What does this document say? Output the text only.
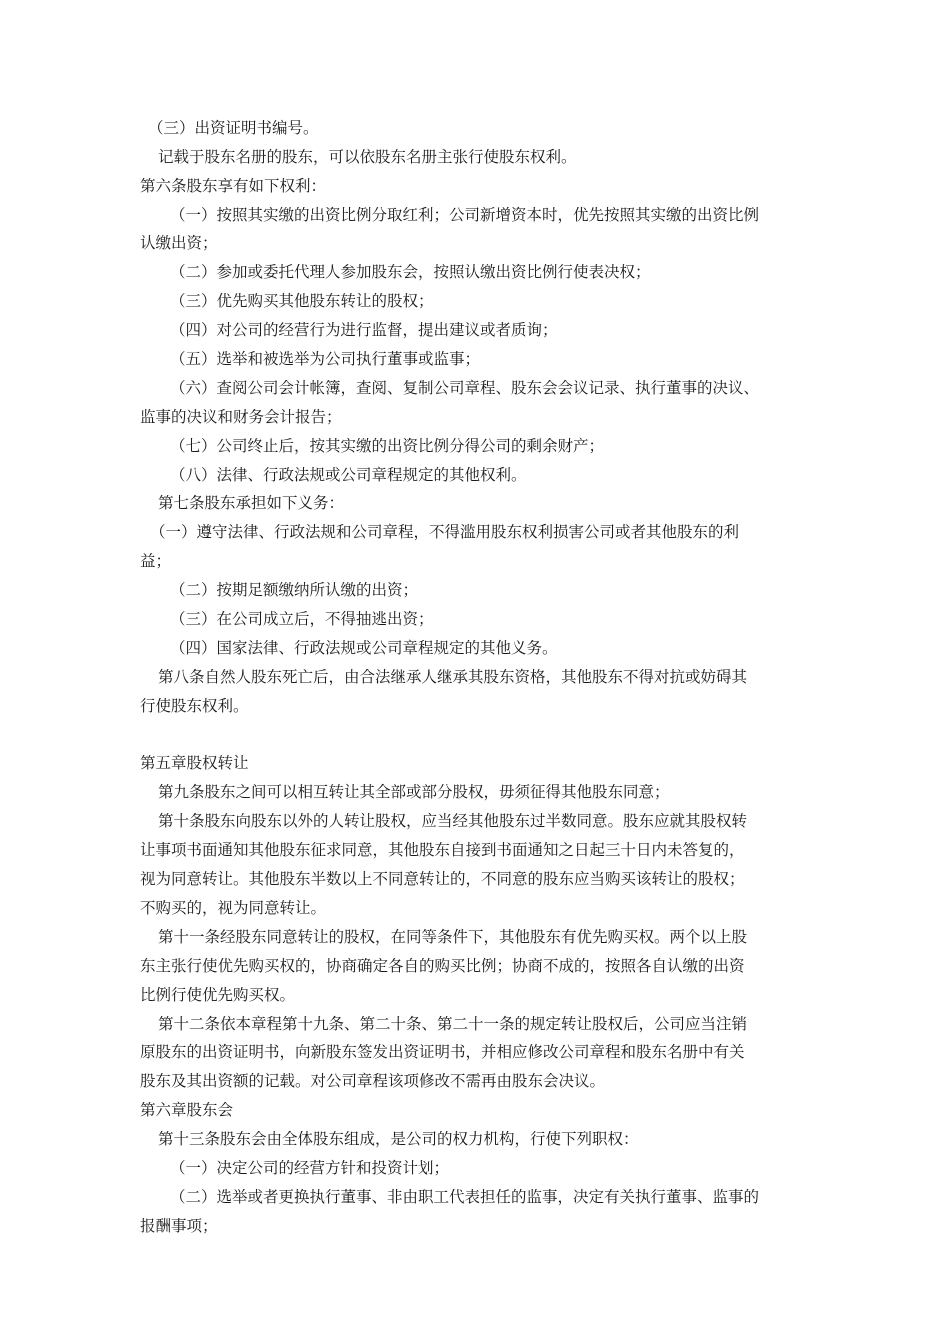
（三）出资证明书编号。
记载于股东名册的股东，可以依股东名册主张行使股东权利。
第六条股东享有如下权利：
（一）按照其实缴的出资比例分取红利；公司新增资本时，优先按照其实缴的出资比例
认缴出资；
（二）参加或委托代理人参加股东会，按照认缴出资比例行使表决权；
（三）优先购买其他股东转让的股权；
（四）对公司的经营行为进行监督，提出建议或者质询；
（五）选举和被选举为公司执行董事或监事；
（六）查阅公司会计帐簿，查阅、复制公司章程、股东会会议记录、执行董事的决议、
监事的决议和财务会计报告；
（七）公司终止后，按其实缴的出资比例分得公司的剩余财产；
（八）法律、行政法规或公司章程规定的其他权利。
第七条股东承担如下义务：
（一）遵守法律、行政法规和公司章程，不得滥用股东权利损害公司或者其他股东的利
益；
（二）按期足额缴纳所认缴的出资；
（三）在公司成立后，不得抽逃出资；
（四）国家法律、行政法规或公司章程规定的其他义务。
第八条自然人股东死亡后，由合法继承人继承其股东资格，其他股东不得对抗或妨碍其
行使股东权利。
第五章股权转让
第九条股东之间可以相互转让其全部或部分股权，毋须征得其他股东同意；
第十条股东向股东以外的人转让股权，应当经其他股东过半数同意。股东应就其股权转
让事项书面通知其他股东征求同意，其他股东自接到书面通知之日起三十日内未答复的，
视为同意转让。其他股东半数以上不同意转让的，不同意的股东应当购买该转让的股权；
不购买的，视为同意转让。
第十一条经股东同意转让的股权，在同等条件下，其他股东有优先购买权。两个以上股
东主张行使优先购买权的，协商确定各自的购买比例；协商不成的，按照各自认缴的出资
比例行使优先购买权。
第十二条依本章程第十九条、第二十条、第二十一条的规定转让股权后，公司应当注销
原股东的出资证明书，向新股东签发出资证明书，并相应修改公司章程和股东名册中有关
股东及其出资额的记载。对公司章程该项修改不需再由股东会决议。
第六章股东会
第十三条股东会由全体股东组成，是公司的权力机构，行使下列职权：
（一）决定公司的经营方针和投资计划；
（二）选举或者更换执行董事、非由职工代表担任的监事，决定有关执行董事、监事的
报酬事项；
